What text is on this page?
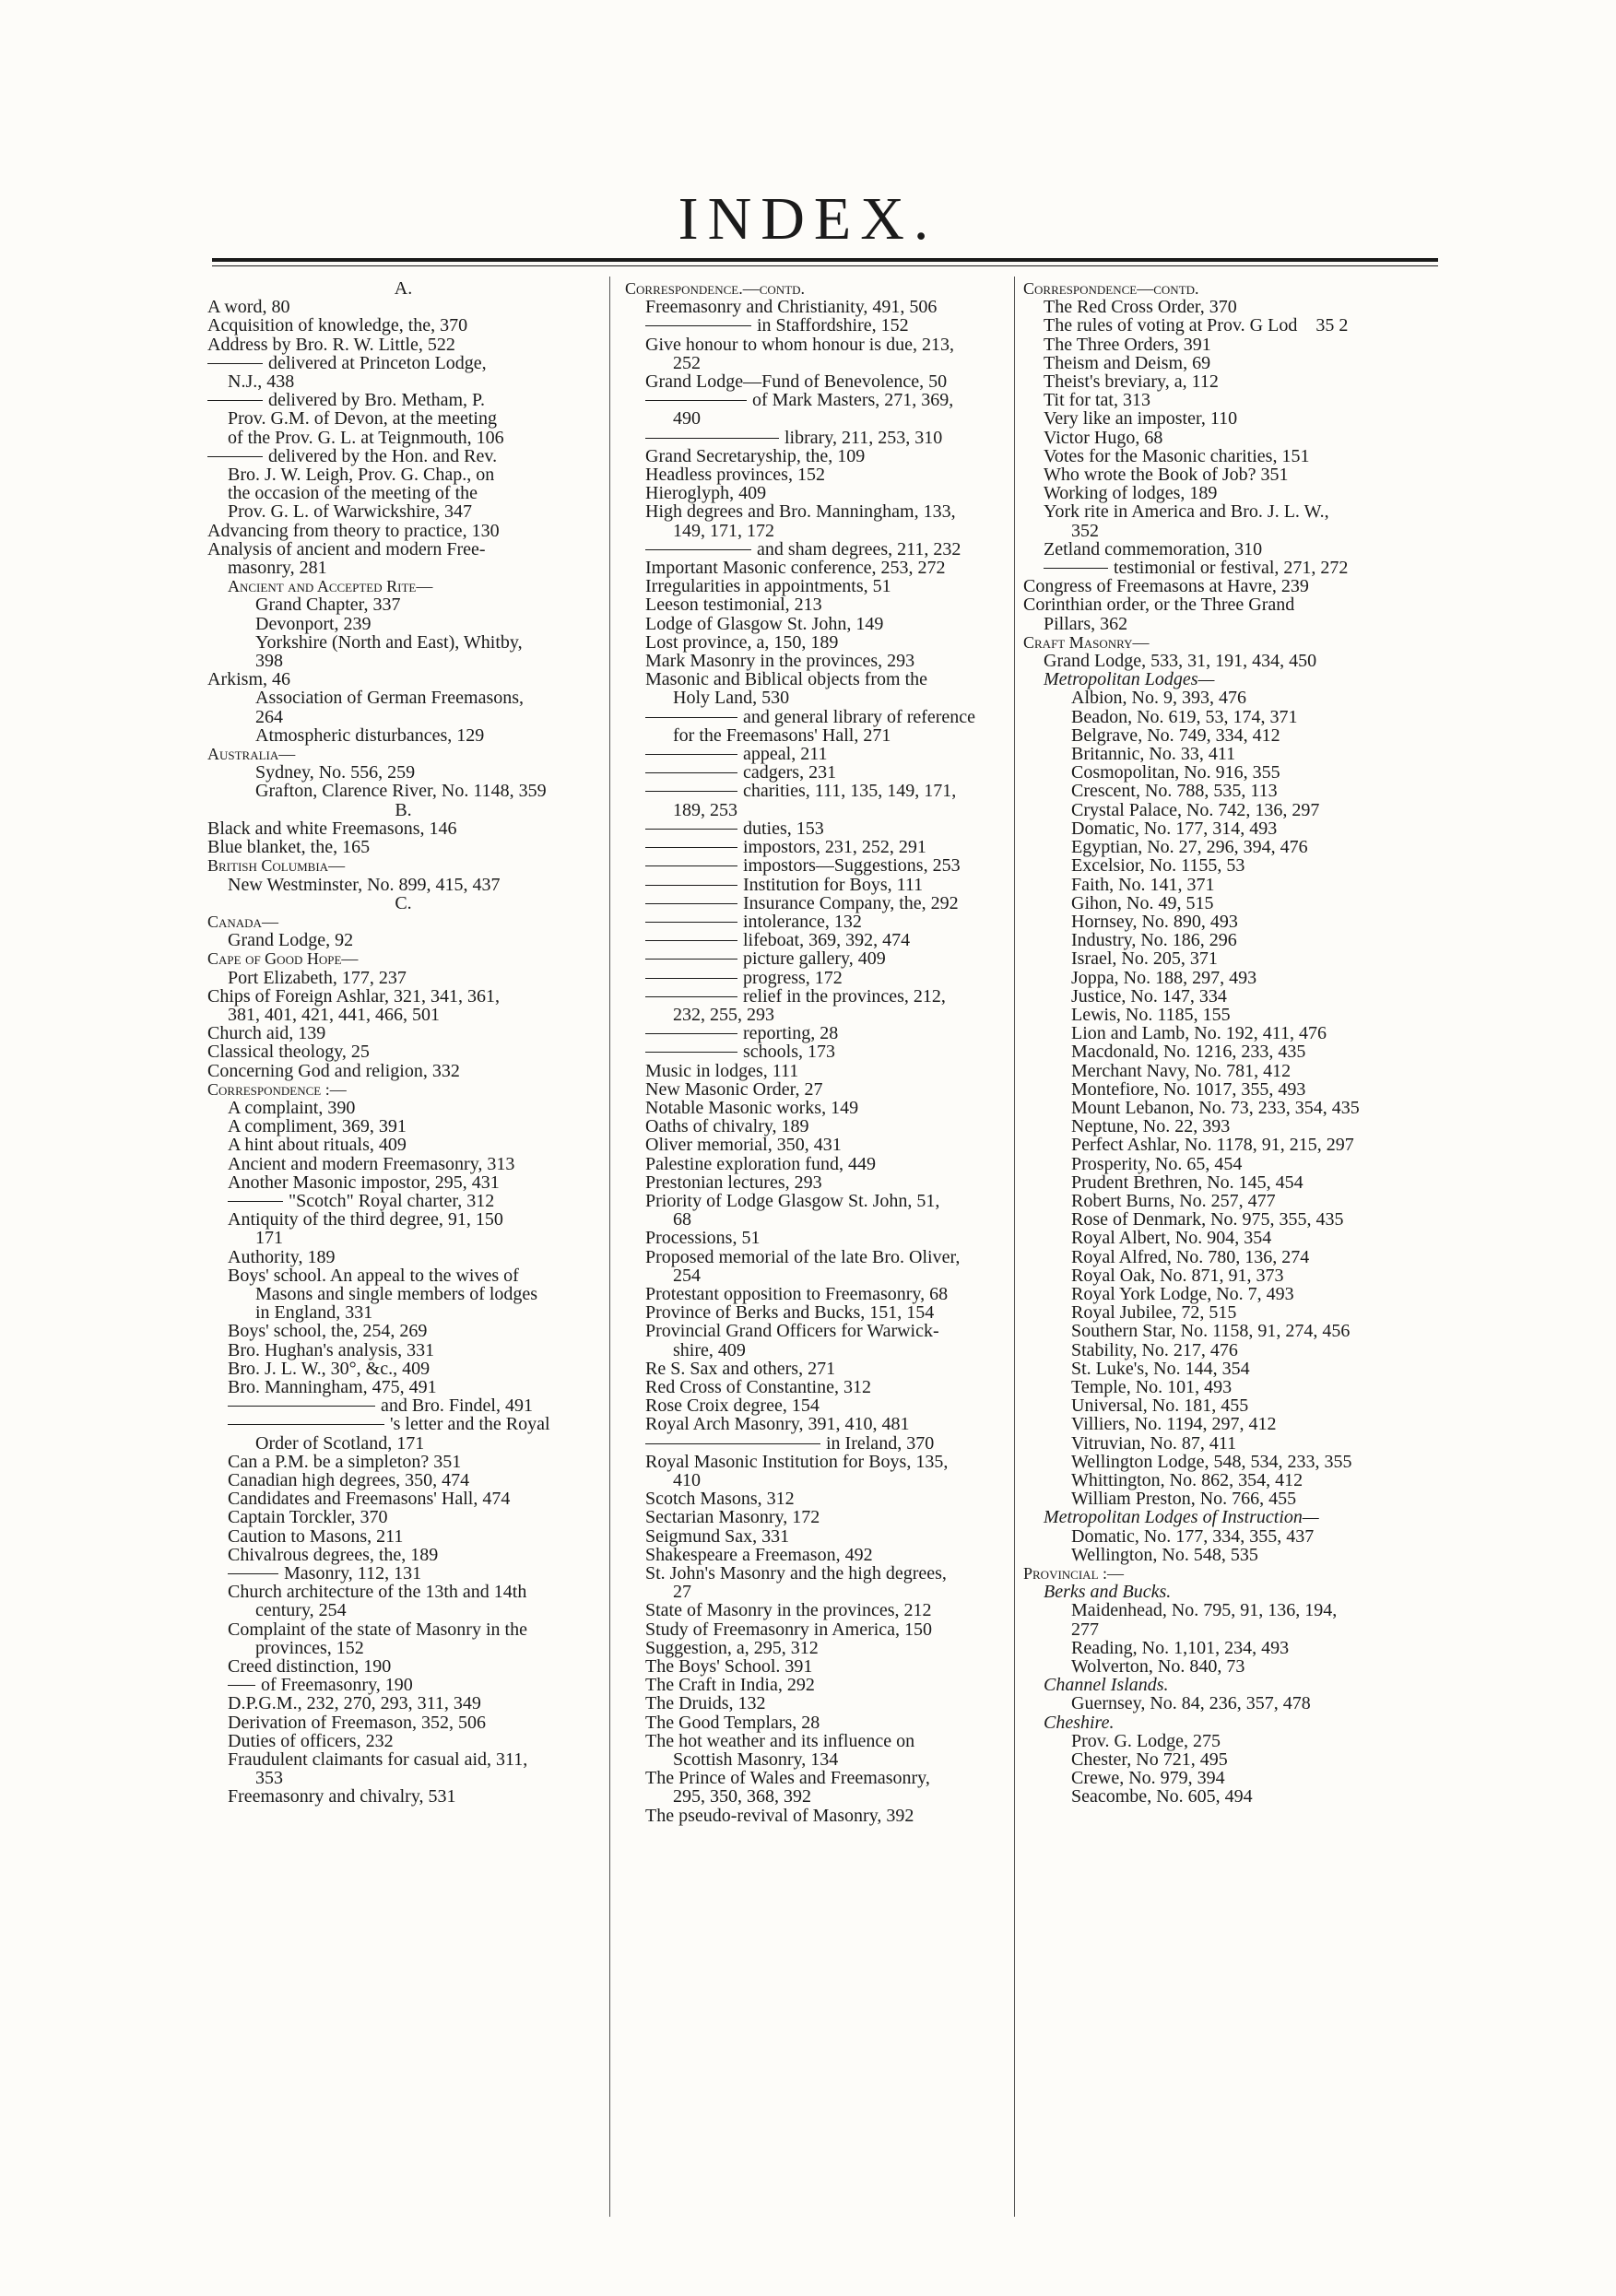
INDEX.
A.
A word, 80
Acquisition of knowledge, the, 370
Address by Bro. R. W. Little, 522
delivered at Princeton Lodge,
N.J., 438
delivered by Bro. Metham, P.
Prov. G.M. of Devon, at the meeting
of the Prov. G. L. at Teignmouth, 106
delivered by the Hon. and Rev.
Bro. J. W. Leigh, Prov. G. Chap., on
the occasion of the meeting of the
Prov. G. L. of Warwickshire, 347
Advancing from theory to practice, 130
Analysis of ancient and modern Free-
masonry, 281
Ancient and Accepted Rite—
Grand Chapter, 337
Devonport, 239
Yorkshire (North and East), Whitby,
398
Arkism, 46
Association of German Freemasons,
264
Atmospheric disturbances, 129
Australia—
Sydney, No. 556, 259
Grafton, Clarence River, No. 1148, 359
B.
Black and white Freemasons, 146
Blue blanket, the, 165
British Columbia—
New Westminster, No. 899, 415, 437
C.
Canada—
Grand Lodge, 92
Cape of Good Hope—
Port Elizabeth, 177, 237
Chips of Foreign Ashlar, 321, 341, 361,
381, 401, 421, 441, 466, 501
Church aid, 139
Classical theology, 25
Concerning God and religion, 332
Correspondence :—
A complaint, 390
A compliment, 369, 391
A hint about rituals, 409
Ancient and modern Freemasonry, 313
Another Masonic impostor, 295, 431
"Scotch" Royal charter, 312
Antiquity of the third degree, 91, 150
171
Authority, 189
Boys' school. An appeal to the wives of
Masons and single members of lodges
in England, 331
Boys' school, the, 254, 269
Bro. Hughan's analysis, 331
Bro. J. L. W., 30°, &c., 409
Bro. Manningham, 475, 491
and Bro. Findel, 491
's letter and the Royal
Order of Scotland, 171
Can a P.M. be a simpleton? 351
Canadian high degrees, 350, 474
Candidates and Freemasons' Hall, 474
Captain Torckler, 370
Caution to Masons, 211
Chivalrous degrees, the, 189
Masonry, 112, 131
Church architecture of the 13th and 14th
century, 254
Complaint of the state of Masonry in the
provinces, 152
Creed distinction, 190
of Freemasonry, 190
D.P.G.M., 232, 270, 293, 311, 349
Derivation of Freemason, 352, 506
Duties of officers, 232
Fraudulent claimants for casual aid, 311,
353
Freemasonry and chivalry, 531
Correspondence.—contd.
Freemasonry and Christianity, 491, 506
in Staffordshire, 152
Give honour to whom honour is due, 213,
252
Grand Lodge—Fund of Benevolence, 50
of Mark Masters, 271, 369,
490
library, 211, 253, 310
Grand Secretaryship, the, 109
Headless provinces, 152
Hieroglyph, 409
High degrees and Bro. Manningham, 133,
149, 171, 172
and sham degrees, 211, 232
Important Masonic conference, 253, 272
Irregularities in appointments, 51
Leeson testimonial, 213
Lodge of Glasgow St. John, 149
Lost province, a, 150, 189
Mark Masonry in the provinces, 293
Masonic and Biblical objects from the
Holy Land, 530
and general library of reference
for the Freemasons' Hall, 271
appeal, 211
cadgers, 231
charities, 111, 135, 149, 171,
189, 253
duties, 153
impostors, 231, 252, 291
impostors—Suggestions, 253
Institution for Boys, 111
Insurance Company, the, 292
intolerance, 132
lifeboat, 369, 392, 474
picture gallery, 409
progress, 172
relief in the provinces, 212,
232, 255, 293
reporting, 28
schools, 173
Music in lodges, 111
New Masonic Order, 27
Notable Masonic works, 149
Oaths of chivalry, 189
Oliver memorial, 350, 431
Palestine exploration fund, 449
Prestonian lectures, 293
Priority of Lodge Glasgow St. John, 51,
68
Processions, 51
Proposed memorial of the late Bro. Oliver,
254
Protestant opposition to Freemasonry, 68
Province of Berks and Bucks, 151, 154
Provincial Grand Officers for Warwick-
shire, 409
Re S. Sax and others, 271
Red Cross of Constantine, 312
Rose Croix degree, 154
Royal Arch Masonry, 391, 410, 481
in Ireland, 370
Royal Masonic Institution for Boys, 135,
410
Scotch Masons, 312
Sectarian Masonry, 172
Seigmund Sax, 331
Shakespeare a Freemason, 492
St. John's Masonry and the high degrees,
27
State of Masonry in the provinces, 212
Study of Freemasonry in America, 150
Suggestion, a, 295, 312
The Boys' School. 391
The Craft in India, 292
The Druids, 132
The Good Templars, 28
The hot weather and its influence on
Scottish Masonry, 134
The Prince of Wales and Freemasonry,
295, 350, 368, 392
The pseudo-revival of Masonry, 392
Correspondence—contd.
The Red Cross Order, 370
The rules of voting at Prov. G Lod    35 2
The Three Orders, 391
Theism and Deism, 69
Theist's breviary, a, 112
Tit for tat, 313
Very like an imposter, 110
Victor Hugo, 68
Votes for the Masonic charities, 151
Who wrote the Book of Job? 351
Working of lodges, 189
York rite in America and Bro. J. L. W.,
352
Zetland commemoration, 310
testimonial or festival, 271, 272
Congress of Freemasons at Havre, 239
Corinthian order, or the Three Grand
Pillars, 362
Craft Masonry—
Grand Lodge, 533, 31, 191, 434, 450
Metropolitan Lodges—
Albion, No. 9, 393, 476
Beadon, No. 619, 53, 174, 371
Belgrave, No. 749, 334, 412
Britannic, No. 33, 411
Cosmopolitan, No. 916, 355
Crescent, No. 788, 535, 113
Crystal Palace, No. 742, 136, 297
Domatic, No. 177, 314, 493
Egyptian, No. 27, 296, 394, 476
Excelsior, No. 1155, 53
Faith, No. 141, 371
Gihon, No. 49, 515
Hornsey, No. 890, 493
Industry, No. 186, 296
Israel, No. 205, 371
Joppa, No. 188, 297, 493
Justice, No. 147, 334
Lewis, No. 1185, 155
Lion and Lamb, No. 192, 411, 476
Macdonald, No. 1216, 233, 435
Merchant Navy, No. 781, 412
Montefiore, No. 1017, 355, 493
Mount Lebanon, No. 73, 233, 354, 435
Neptune, No. 22, 393
Perfect Ashlar, No. 1178, 91, 215, 297
Prosperity, No. 65, 454
Prudent Brethren, No. 145, 454
Robert Burns, No. 257, 477
Rose of Denmark, No. 975, 355, 435
Royal Albert, No. 904, 354
Royal Alfred, No. 780, 136, 274
Royal Oak, No. 871, 91, 373
Royal York Lodge, No. 7, 493
Royal Jubilee, 72, 515
Southern Star, No. 1158, 91, 274, 456
Stability, No. 217, 476
St. Luke's, No. 144, 354
Temple, No. 101, 493
Universal, No. 181, 455
Villiers, No. 1194, 297, 412
Vitruvian, No. 87, 411
Wellington Lodge, 548, 534, 233, 355
Whittington, No. 862, 354, 412
William Preston, No. 766, 455
Metropolitan Lodges of Instruction—
Domatic, No. 177, 334, 355, 437
Wellington, No. 548, 535
Provincial :—
Berks and Bucks.
Maidenhead, No. 795, 91, 136, 194,
277
Reading, No. 1,101, 234, 493
Wolverton, No. 840, 73
Channel Islands.
Guernsey, No. 84, 236, 357, 478
Cheshire.
Prov. G. Lodge, 275
Chester, No 721, 495
Crewe, No. 979, 394
Seacombe, No. 605, 494
